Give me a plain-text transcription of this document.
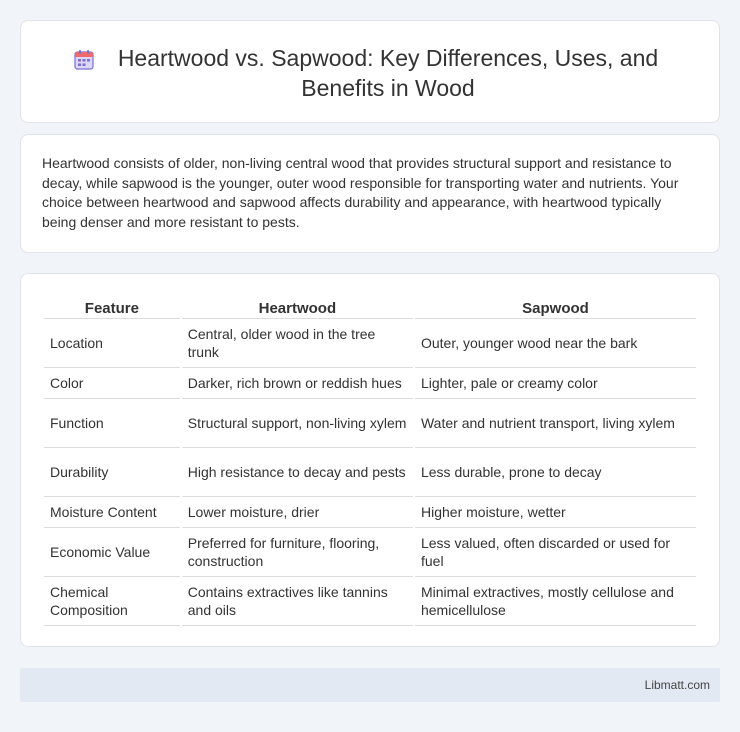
Heartwood vs. Sapwood: Key Differences, Uses, and Benefits in Wood

Heartwood consists of older, non-living central wood that provides structural support and resistance to decay, while sapwood is the younger, outer wood responsible for transporting water and nutrients. Your choice between heartwood and sapwood affects durability and appearance, with heartwood typically being denser and more resistant to pests.

Feature	Heartwood	Sapwood
Location	Central, older wood in the tree trunk	Outer, younger wood near the bark
Color	Darker, rich brown or reddish hues	Lighter, pale or creamy color
Function	Structural support, non-living xylem	Water and nutrient transport, living xylem
Durability	High resistance to decay and pests	Less durable, prone to decay
Moisture Content	Lower moisture, drier	Higher moisture, wetter
Economic Value	Preferred for furniture, flooring, construction	Less valued, often discarded or used for fuel
Chemical Composition	Contains extractives like tannins and oils	Minimal extractives, mostly cellulose and hemicellulose
Libmatt.com
